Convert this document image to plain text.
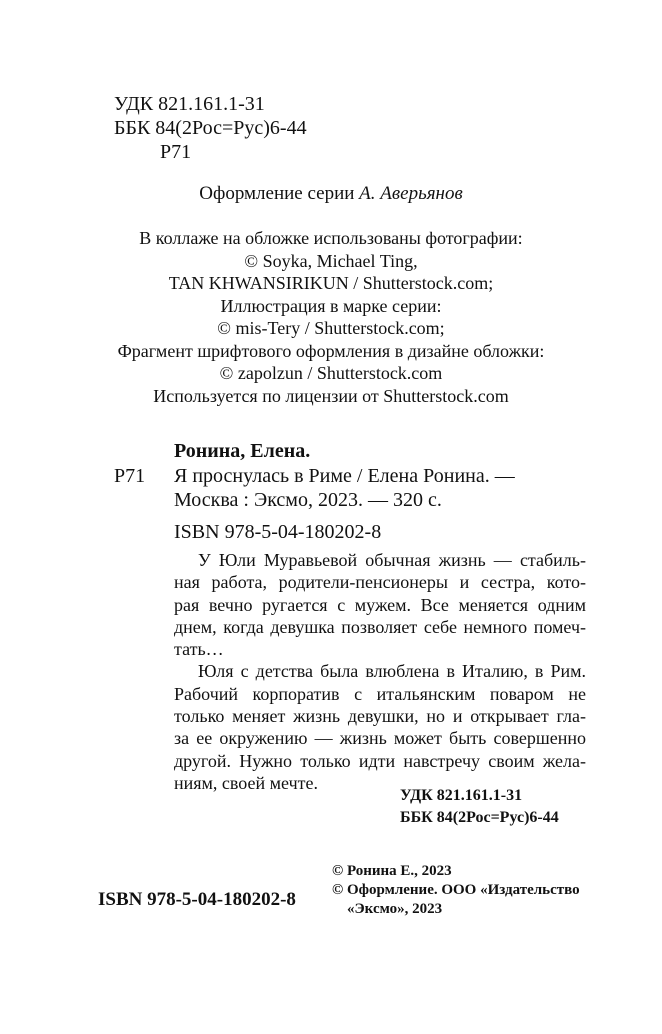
УДК 821.161.1-31
ББК 84(2Рос=Рус)6-44
Р71
Оформление серии А. Аверьянов
В коллаже на обложке использованы фотографии:
© Soyka, Michael Ting,
TAN KHWANSIRIKUN / Shutterstock.com;
Иллюстрация в марке серии:
© mis-Tery / Shutterstock.com;
Фрагмент шрифтового оформления в дизайне обложки:
© zapolzun / Shutterstock.com
Используется по лицензии от Shutterstock.com
Ронина, Елена.
Р71 Я проснулась в Риме / Елена Ронина. —
Москва : Эксмо, 2023. — 320 с.
ISBN 978-5-04-180202-8
У Юли Муравьевой обычная жизнь — стабиль-
ная работа, родители-пенсионеры и сестра, кото-
рая вечно ругается с мужем. Все меняется одним
днем, когда девушка позволяет себе немного помеч-
тать…
Юля с детства была влюблена в Италию, в Рим.
Рабочий корпоратив с итальянским поваром не
только меняет жизнь девушки, но и открывает гла-
за ее окружению — жизнь может быть совершенно
другой. Нужно только идти навстречу своим жела-
ниям, своей мечте.
УДК 821.161.1-31
ББК 84(2Рос=Рус)6-44
© Ронина Е., 2023
© Оформление. ООО «Издательство
«Эксмо», 2023
ISBN 978-5-04-180202-8
